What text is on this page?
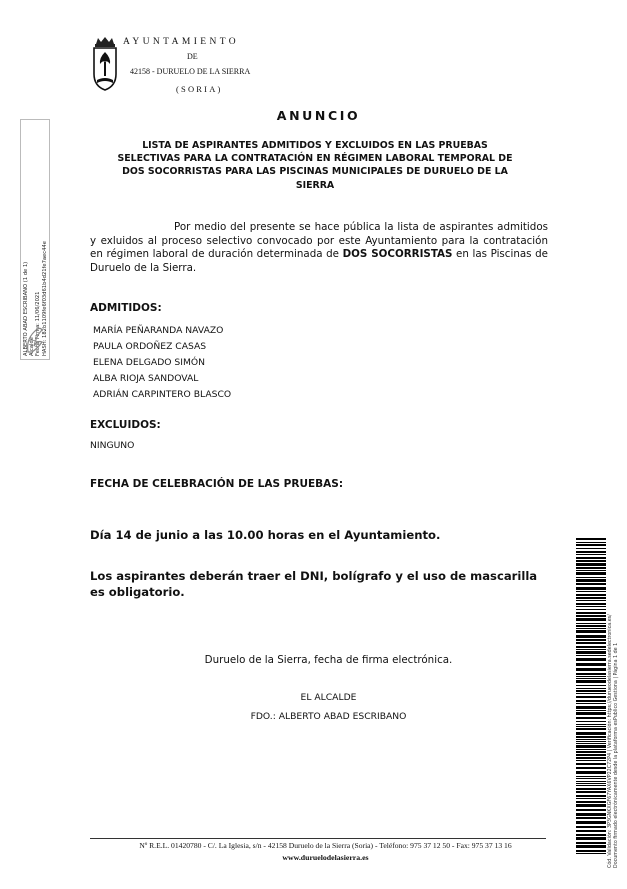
AYUNTAMIENTO
DE
42158 - DURUELO DE LA SIERRA
(SORIA)
ANUNCIO
LISTA DE ASPIRANTES ADMITIDOS Y EXCLUIDOS EN LAS PRUEBAS
SELECTIVAS PARA LA CONTRATACIÓN EN RÉGIMEN LABORAL TEMPORAL DE
DOS SOCORRISTAS PARA LAS PISCINAS MUNICIPALES DE DURUELO DE LA
SIERRA
Por medio del presente se hace pública la lista de aspirantes admitidos y exluidos al proceso selectivo convocado por este Ayuntamiento para la contratación en régimen laboral de duración determinada de DOS SOCORRISTAS en las Piscinas de Duruelo de la Sierra.
ADMITIDOS:
MARÍA PEÑARANDA NAVAZO
PAULA ORDOÑEZ CASAS
ELENA DELGADO SIMÓN
ALBA RIOJA SANDOVAL
ADRIÁN CARPINTERO BLASCO
EXCLUIDOS:
NINGUNO
FECHA DE CELEBRACIÓN DE LAS PRUEBAS:
Día 14 de junio a las 10.00 horas en el Ayuntamiento.
Los aspirantes deberán traer el DNI, bolígrafo y el uso de mascarilla es obligatorio.
Duruelo de la Sierra, fecha de firma electrónica.
EL ALCALDE
FDO.: ALBERTO ABAD ESCRIBANO
Nº R.E.L. 01420780 - C/. La Iglesia, s/n - 42158 Duruelo de la Sierra (Soria) - Teléfono: 975 37 12 50 - Fax: 975 37 13 16
www.duruelodelasierra.es
ALBERTO ABAD ESCRIBANO (1 de 1) Alcalde Fecha Firma: 11/06/2021 HASH: 182b1109fe6f03d61b4d21fe7aec44e
Cód. Validación: 3P3GNKXGF67YAX6VP22C72P4 | Verificación: https://durueodelasierra.sedelectronica.es/ Documento firmado electrónicamente desde la plataforma esPublico Gestiona | Página 1 de 1
